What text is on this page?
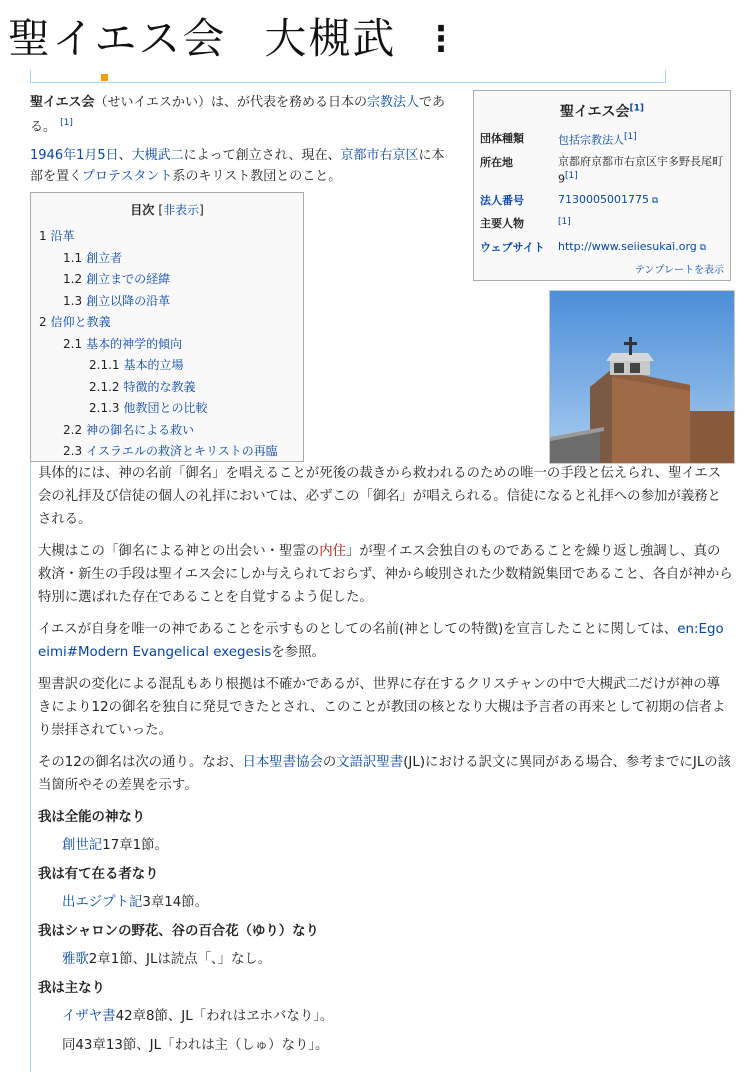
聖イエス会 大槻武 ⁝

聖イエス会（せいイエスかい）は、が代表を務める日本の宗教法人である。 [1]

1946年1月5日、大槻武二によって創立され、現在、京都市右京区に本部を置くプロテスタント系のキリスト教団とのこと。

聖イエス会[1]
団体種類	包括宗教法人[1]
所在地	京都府京都市右京区宇多野長尾町9[1]
法人番号	7130005001775 ⧉
主要人物	[1]
ウェブサイト	http://www.seiiesukai.org ⧉
テンプレートを表示
目次 [非表示]
1 沿革
1.1 創立者
1.2 創立までの経緯
1.3 創立以降の沿革
2 信仰と教義
2.1 基本的神学的傾向
2.1.1 基本的立場
2.1.2 特徴的な教義
2.1.3 他教団との比較
2.2 神の御名による救い
2.3 イスラエルの救済とキリストの再臨

具体的には、神の名前「御名」を唱えることが死後の裁きから救われるのための唯一の手段と伝えられ、聖イエス会の礼拝及び信徒の個人の礼拝においては、必ずこの「御名」が唱えられる。信徒になると礼拝への参加が義務とされる。

大槻はこの「御名による神との出会い・聖霊の内住」が聖イエス会独自のものであることを繰り返し強調し、真の救済・新生の手段は聖イエス会にしか与えられておらず、神から峻別された少数精鋭集団であること、各自が神から特別に選ばれた存在であることを自覚するよう促した。

イエスが自身を唯一の神であることを示すものとしての名前(神としての特徴)を宣言したことに関しては、en:Ego eimi#Modern Evangelical exegesisを参照。

聖書訳の変化による混乱もあり根拠は不確かであるが、世界に存在するクリスチャンの中で大槻武二だけが神の導きにより12の御名を独自に発見できたとされ、このことが教団の核となり大槻は予言者の再来として初期の信者より崇拝されていった。

その12の御名は次の通り。なお、日本聖書協会の文語訳聖書(JL)における訳文に異同がある場合、参考までにJLの該当箇所やその差異を示す。

我は全能の神なり
創世記17章1節。
我は有て在る者なり
出エジプト記3章14節。
我はシャロンの野花、谷の百合花（ゆり）なり
雅歌2章1節、JLは読点「、」なし。
我は主なり
イザヤ書42章8節、JL「われはヱホバなり」。
同43章13節、JL「われは主（しゅ）なり」。
